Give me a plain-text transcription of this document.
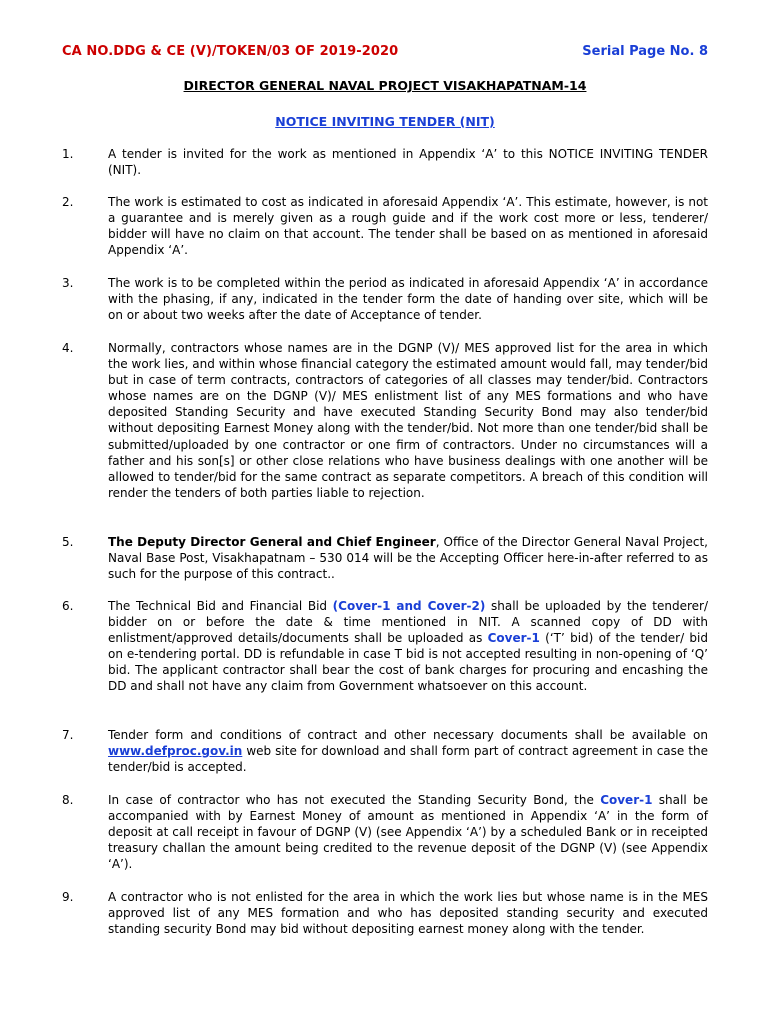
CA NO.DDG & CE (V)/TOKEN/03 OF 2019-2020	Serial Page No. 8
DIRECTOR GENERAL NAVAL PROJECT VISAKHAPATNAM-14
NOTICE INVITING TENDER (NIT)
1.	A tender is invited for the work as mentioned in Appendix ‘A’ to this NOTICE INVITING TENDER (NIT).
2.	The work is estimated to cost as indicated in aforesaid Appendix ‘A’. This estimate, however, is not a guarantee and is merely given as a rough guide and if the work cost more or less, tenderer/ bidder will have no claim on that account. The tender shall be based on as mentioned in aforesaid Appendix ‘A’.
3.	The work is to be completed within the period as indicated in aforesaid Appendix ‘A’ in accordance with the phasing, if any, indicated in the tender form the date of handing over site, which will be on or about two weeks after the date of Acceptance of tender.
4.	Normally, contractors whose names are in the DGNP (V)/ MES approved list for the area in which the work lies, and within whose financial category the estimated amount would fall, may tender/bid but in case of term contracts, contractors of categories of all classes may tender/bid. Contractors whose names are on the DGNP (V)/ MES enlistment list of any MES formations and who have deposited Standing Security and have executed Standing Security Bond may also tender/bid without depositing Earnest Money along with the tender/bid. Not more than one tender/bid shall be submitted/uploaded by one contractor or one firm of contractors. Under no circumstances will a father and his son[s] or other close relations who have business dealings with one another will be allowed to tender/bid for the same contract as separate competitors. A breach of this condition will render the tenders of both parties liable to rejection.
5.	The Deputy Director General and Chief Engineer, Office of the Director General Naval Project, Naval Base Post, Visakhapatnam – 530 014 will be the Accepting Officer here-in-after referred to as such for the purpose of this contract..
6.	The Technical Bid and Financial Bid (Cover-1 and Cover-2) shall be uploaded by the tenderer/ bidder on or before the date & time mentioned in NIT. A scanned copy of DD with enlistment/approved details/documents shall be uploaded as Cover-1 (‘T’ bid) of the tender/ bid on e-tendering portal. DD is refundable in case T bid is not accepted resulting in non-opening of ‘Q’ bid. The applicant contractor shall bear the cost of bank charges for procuring and encashing the DD and shall not have any claim from Government whatsoever on this account.
7.	Tender form and conditions of contract and other necessary documents shall be available on www.defproc.gov.in web site for download and shall form part of contract agreement in case the tender/bid is accepted.
8.	In case of contractor who has not executed the Standing Security Bond, the Cover-1 shall be accompanied with by Earnest Money of amount as mentioned in Appendix ‘A’ in the form of deposit at call receipt in favour of DGNP (V) (see Appendix ‘A’) by a scheduled Bank or in receipted treasury challan the amount being credited to the revenue deposit of the DGNP (V) (see Appendix ‘A’).
9.	A contractor who is not enlisted for the area in which the work lies but whose name is in the MES approved list of any MES formation and who has deposited standing security and executed standing security Bond may bid without depositing earnest money along with the tender.
